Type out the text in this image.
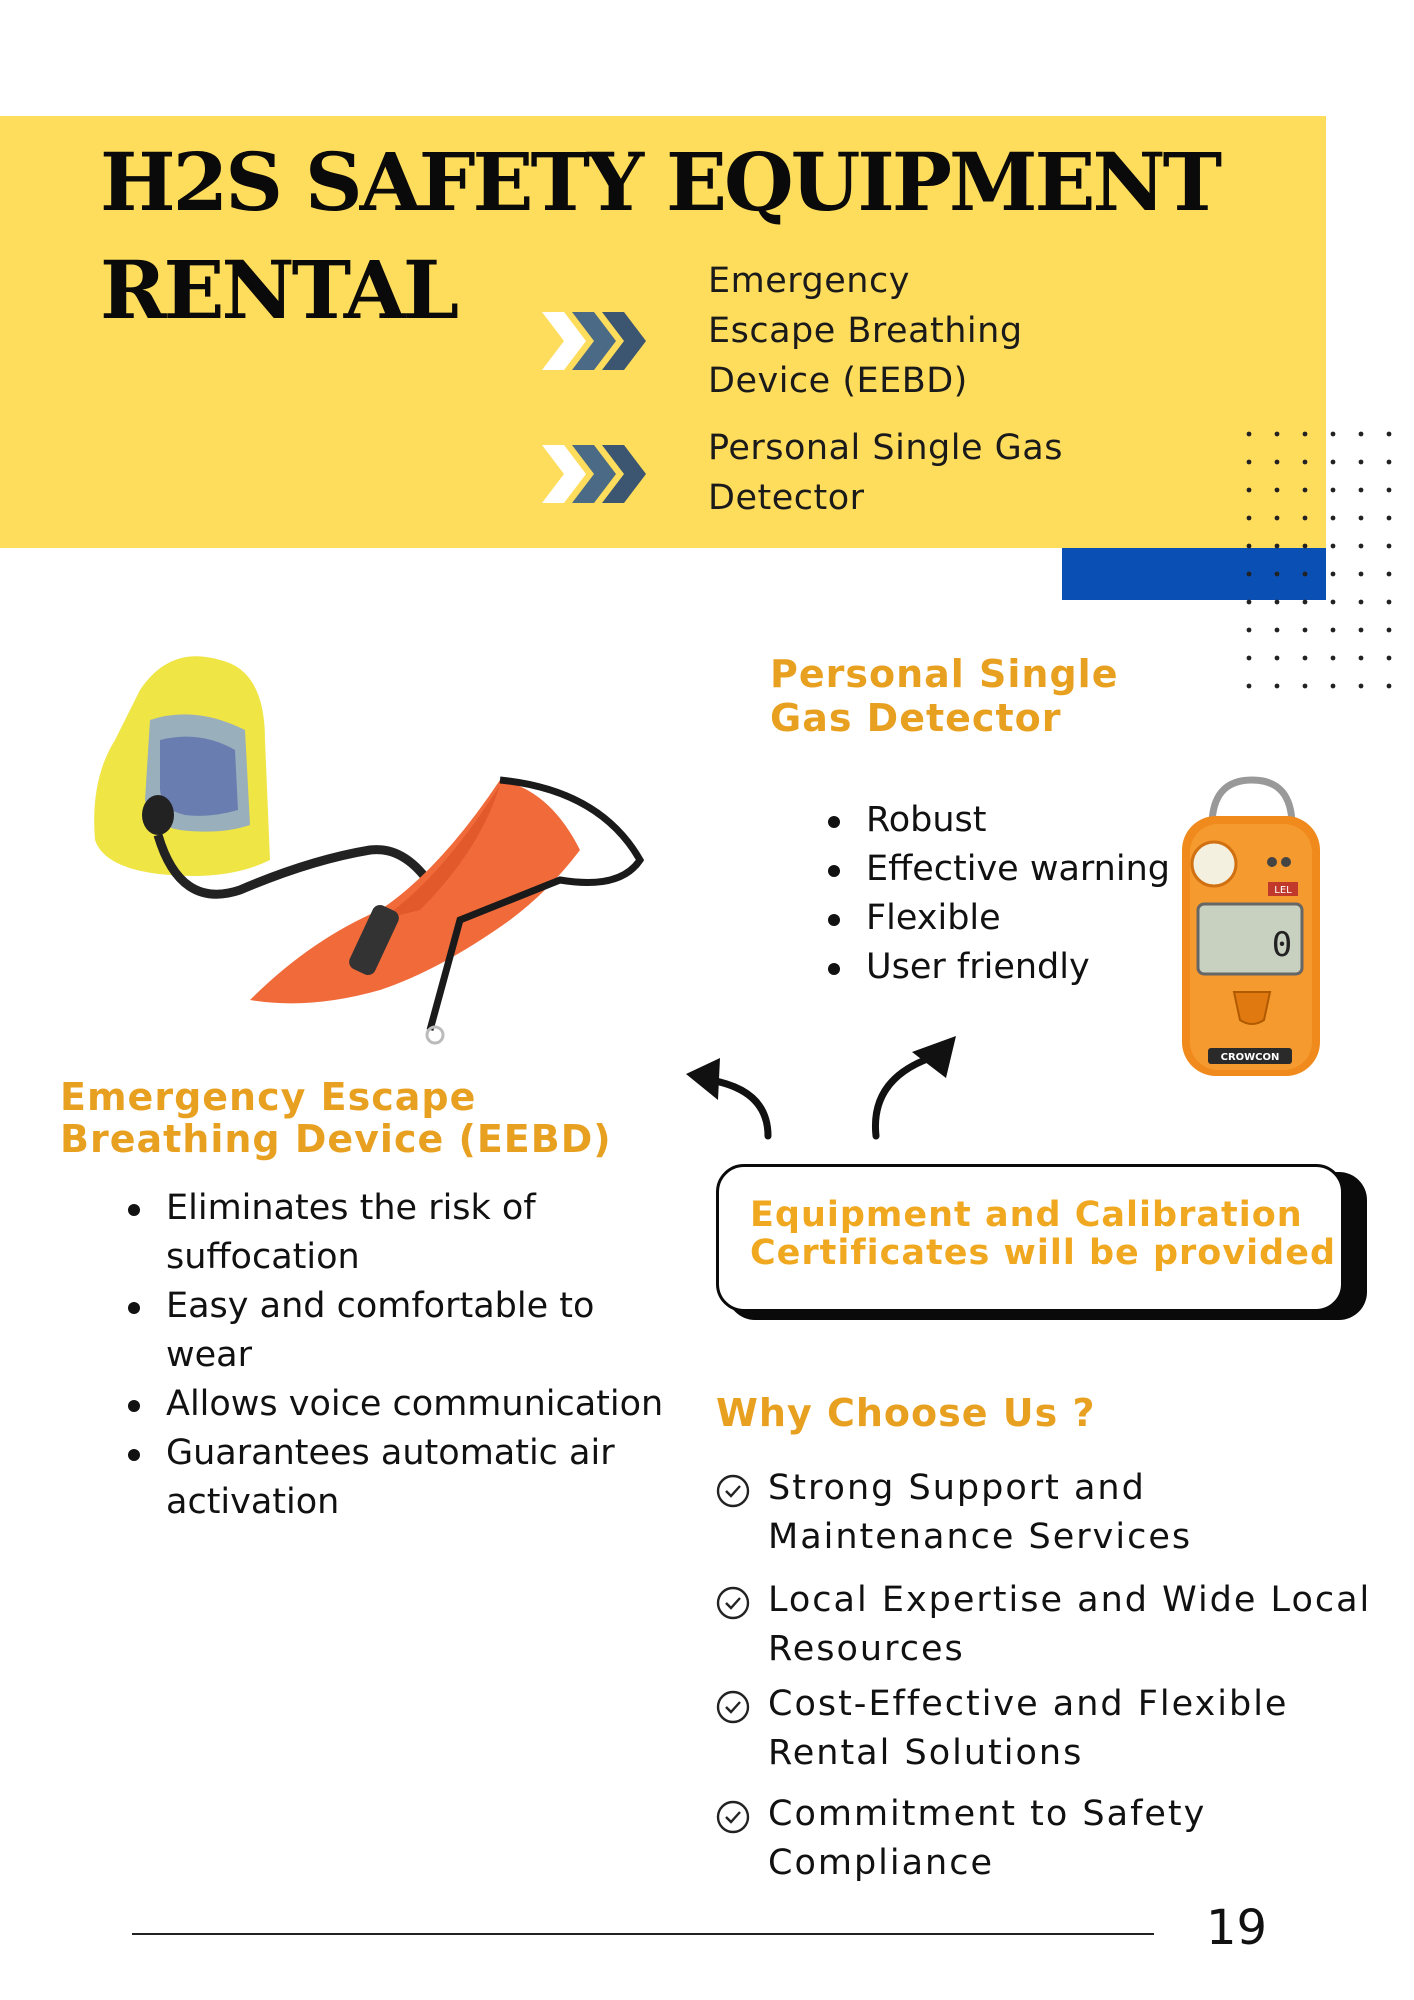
H2S SAFETY EQUIPMENT
RENTAL	Emergency
Escape Breathing
Device (EEBD)
Personal Single Gas
Detector
LEL
0
CROWCON
Personal Single Gas Detector
Robust
Effective warning
Flexible
User friendly
Emergency Escape Breathing Device (EEBD)
Eliminates the risk of suffocation
Easy and comfortable to wear
Allows voice communication
Guarantees automatic air activation
Equipment and Calibration
Certificates will be provided
Why Choose Us ?
Strong Support and
Maintenance Services
Local Expertise and Wide Local
Resources
Cost-Effective and Flexible
Rental Solutions
Commitment to Safety
Compliance
19
